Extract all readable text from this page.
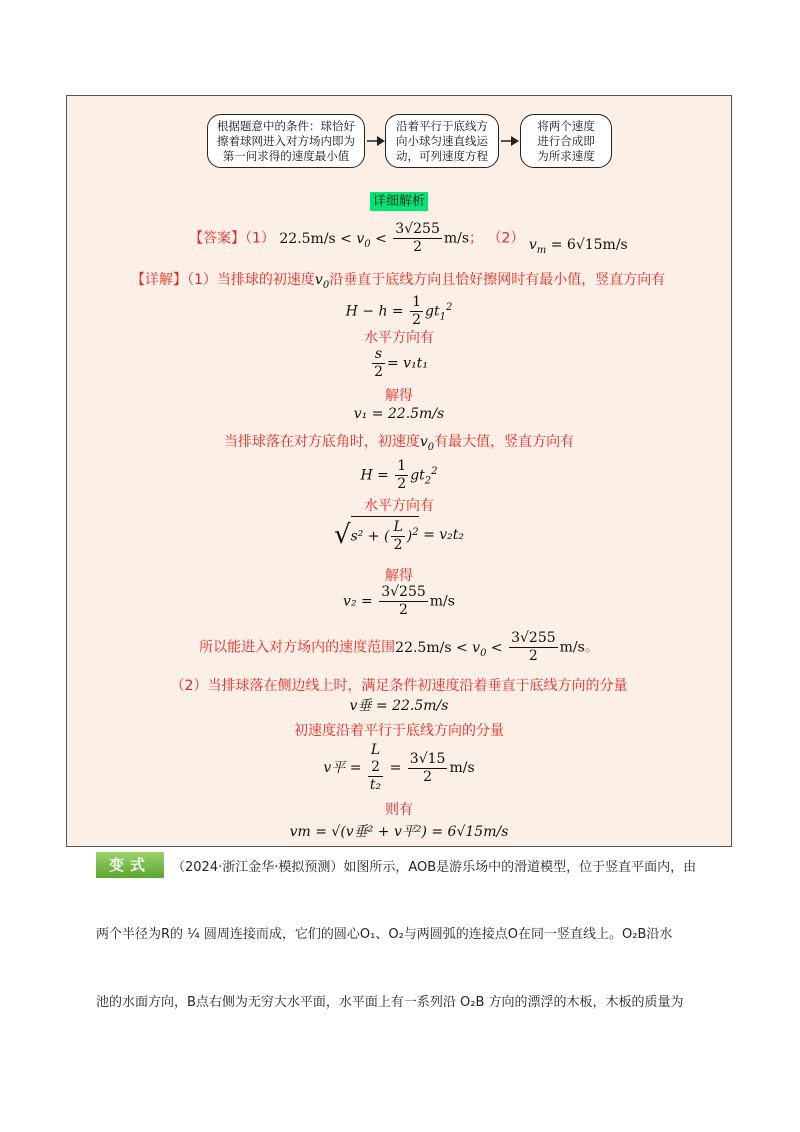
根据题意中的条件：球恰好
擦着球网进入对方场内即为
第一问求得的速度最小值
沿着平行于底线方
向小球匀速直线运
动，可列速度方程
将两个速度
进行合成即
为所求速度
详细解析
【答案】（1） $22.5m/s < v_0 < \frac{3√255}{2} m/s$； （2） $v_m = 6√15m/s$
【详解】（1）当排球的初速度$v_0$沿垂直于底线方向且恰好擦网时有最小值，竖直方向有
$H - h = \frac{1}{2} gt_1^2$
水平方向有
$\frac{s}{2} = v_1t_1$
解得
v₁ = 22.5m/s
当排球落在对方底角时，初速度$v_0$有最大值，竖直方向有
$H = \frac{1}{2} gt_2^2$
水平方向有
√s² + ( $\frac{L}{2} )^2 = v_2t_2$
解得
$v_2 = \frac{3√255}{2} m/s$
所以能进入对方场内的速度范围$22.5m/s < v_0 < \frac{3√255}{2} m/s$。
（2）当排球落在侧边线上时，满足条件初速度沿着垂直于底线方向的分量
v垂 = 22.5m/s
初速度沿着平行于底线方向的分量
v平 = L
2
$t_2 = \frac{3√15}{2} m/s$
则有
vm = √(v垂² + v平²) = 6√15m/s
变式	（2024·浙江金华·模拟预测）如图所示，AOB是游乐场中的滑道模型，位于竖直平面内，由
两个半径为R的 ¼ 圆周连接而成，它们的圆心O₁、O₂与两圆弧的连接点O在同一竖直线上。O₂B沿水
池的水面方向，B点右侧为无穷大水平面，水平面上有一系列沿 O₂B 方向的漂浮的木板，木板的质量为
